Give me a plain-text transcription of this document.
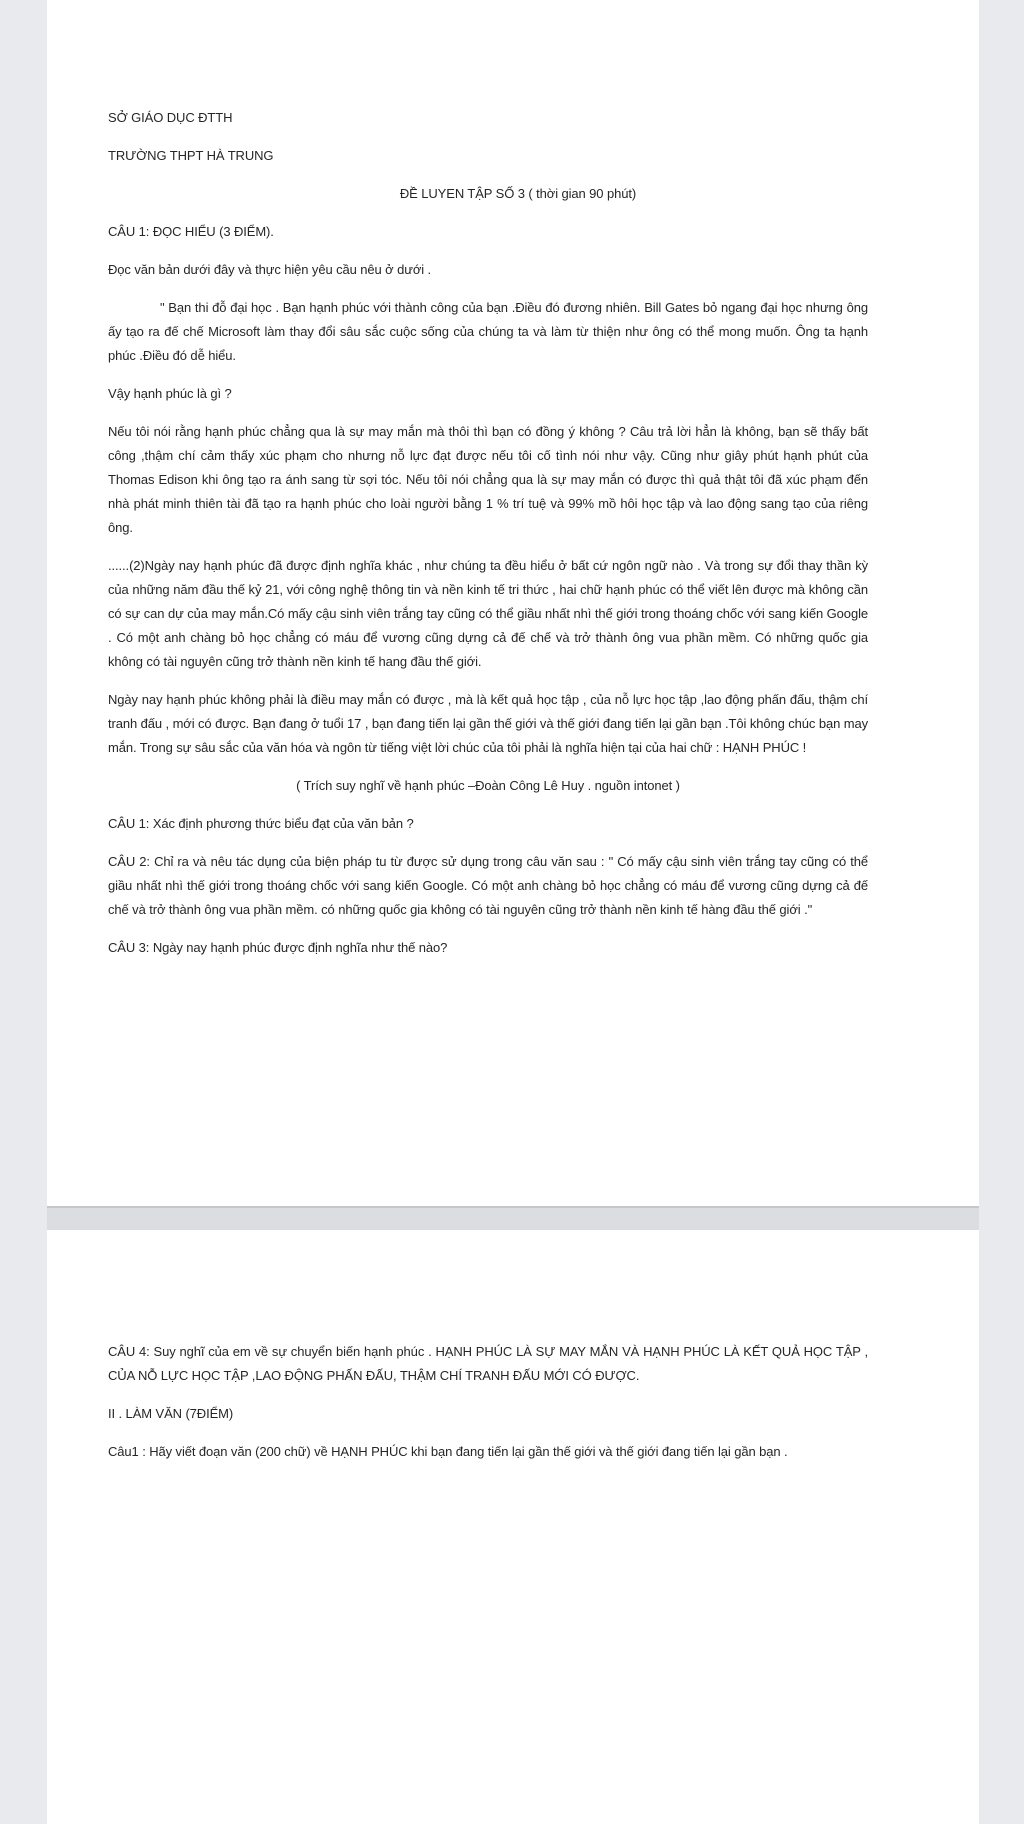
SỞ GIÁO DỤC ĐTTH
TRƯỜNG THPT HÀ TRUNG
ĐỀ LUYEN TẬP SỐ 3 ( thời gian 90 phút)
CÂU 1: ĐỌC HIỂU (3 ĐIỂM).

Đọc văn bản dưới đây và thực hiện yêu cầu nêu ở dưới .

" Bạn thi đỗ đại học . Bạn hạnh phúc với thành công của bạn .Điều đó đương nhiên. Bill Gates bỏ ngang đại học nhưng ông ấy tạo ra đế chế Microsoft làm thay đổi sâu sắc cuộc sống của chúng ta và làm từ thiện như ông có thể mong muốn. Ông ta hạnh phúc .Điều đó dễ hiểu.

Vậy hạnh phúc là gì ?

Nếu tôi nói rằng hạnh phúc chẳng qua là sự may mắn mà thôi thì bạn có đồng ý không ? Câu trả lời hẳn là không, bạn sẽ thấy bất công ,thậm chí cảm thấy xúc phạm cho nhưng nỗ lực đạt được nếu tôi cố tình nói như vậy. Cũng như giây phút hạnh phút của Thomas Edison khi ông tạo ra ánh sang từ sợi tóc. Nếu tôi nói chẳng qua là sự may mắn có được thì quả thật tôi đã xúc phạm đến nhà phát minh thiên tài đã tạo ra hạnh phúc cho loài người bằng 1 % trí tuệ và 99% mồ hôi học tập và lao động sang tạo của riêng ông.

......(2)Ngày nay hạnh phúc đã được định nghĩa khác , như chúng ta đều hiểu ở bất cứ ngôn ngữ nào . Và trong sự đổi thay thần kỳ của những năm đầu thế kỷ 21, với công nghệ thông tin và nền kinh tế tri thức , hai chữ hạnh phúc có thể viết lên được mà không cần có sự can dự của may mắn.Có mấy cậu sinh viên trắng tay cũng có thể giầu nhất nhì thế giới trong thoáng chốc với sang kiến Google . Có một anh chàng bỏ học chẳng có máu để vương cũng dựng cả đế chế và trở thành ông vua phần mềm. Có những quốc gia không có tài nguyên cũng trở thành nền kinh tế hang đầu thế giới.

Ngày nay hạnh phúc không phải là điều may mắn có được , mà là kết quả học tập , của nỗ lực học tập ,lao động phấn đấu, thậm chí tranh đấu , mới có được. Bạn đang ở tuổi 17 , bạn đang tiến lại gần thế giới và thế giới đang tiến lại gần bạn .Tôi không chúc bạn may mắn. Trong sự sâu sắc của văn hóa và ngôn từ tiếng việt lời chúc của tôi phải là nghĩa hiện tại của hai chữ : HẠNH PHÚC !

( Trích suy nghĩ về hạnh phúc –Đoàn Công Lê Huy . nguồn intonet )

CÂU 1: Xác định phương thức biểu đạt của văn bản ?

CÂU 2: Chỉ ra và nêu tác dụng của biện pháp tu từ được sử dụng trong câu văn sau : " Có mấy cậu sinh viên trắng tay cũng có thể giầu nhất nhì thế giới trong thoáng chốc với sang kiến Google. Có một anh chàng bỏ học chẳng có máu để vương cũng dựng cả đế chế và trở thành ông vua phần mềm. có những quốc gia không có tài nguyên cũng trở thành nền kinh tế hàng đầu thế giới ."

CÂU 3: Ngày nay hạnh phúc được định nghĩa như thế nào?

CÂU 4: Suy nghĩ của em về sự chuyển biến hạnh phúc . HẠNH PHÚC LÀ SỰ MAY MẮN VÀ HẠNH PHÚC LÀ KẾT QUẢ HỌC TẬP , CỦA NỖ LỰC HỌC TẬP ,LAO ĐỘNG PHẤN ĐẤU, THẬM CHÍ TRANH ĐẤU MỚI CÓ ĐƯỢC.

II . LÀM VĂN (7ĐIỂM)

Câu1 : Hãy viết đoạn văn (200 chữ) về HẠNH PHÚC khi bạn đang tiến lại gần thế giới và thế giới đang tiến lại gần bạn .
